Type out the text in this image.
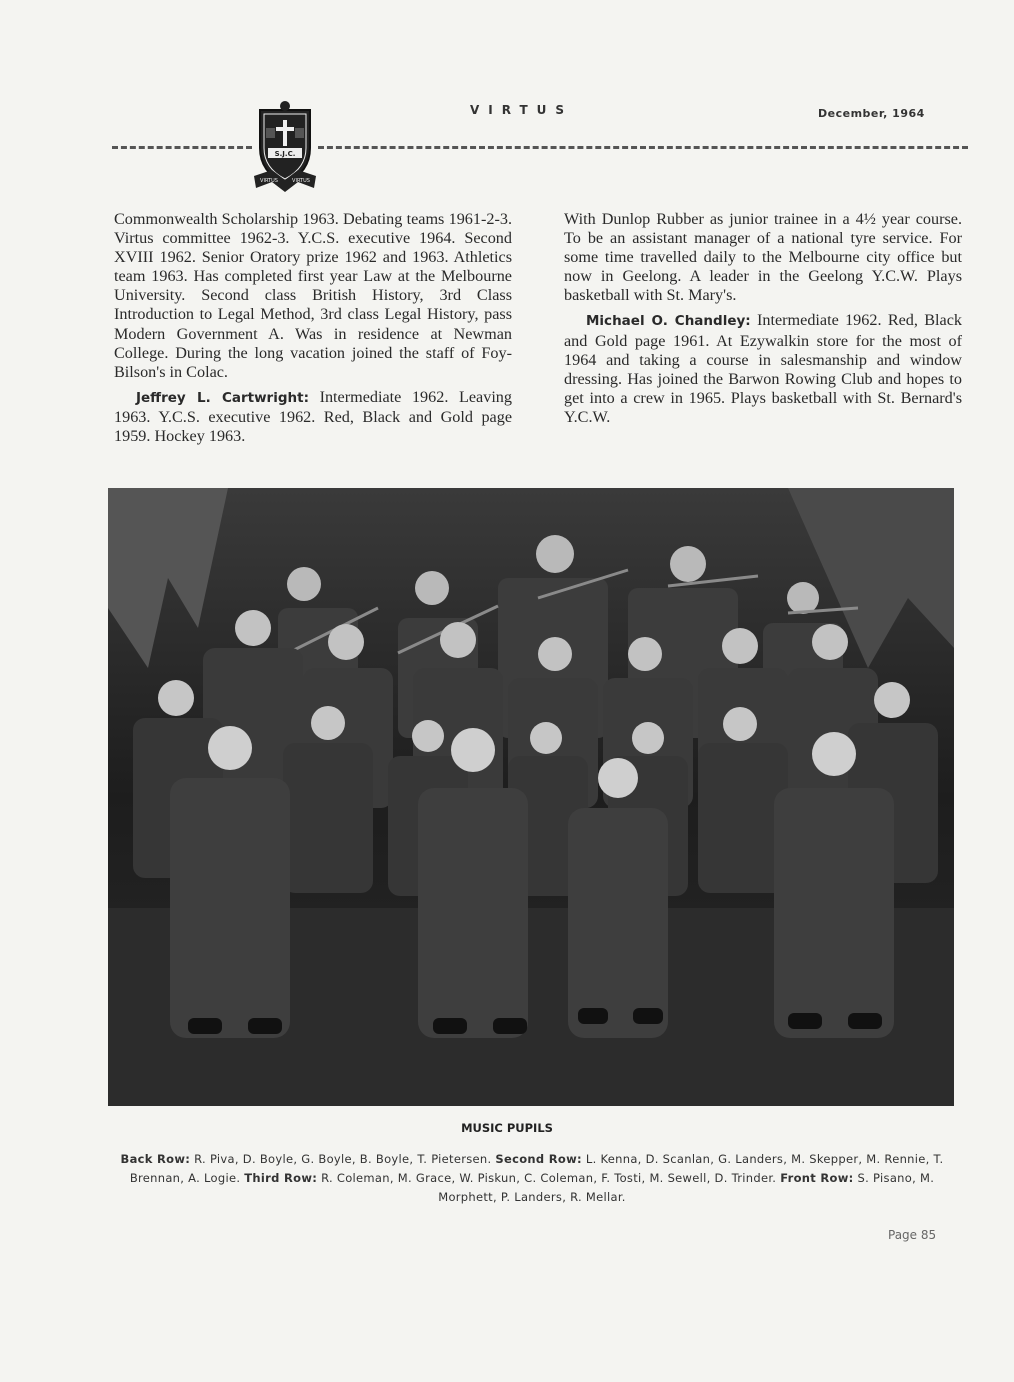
VIRTUS	December, 1964
S.J.C.
VIRTUS	VIRTUS

Commonwealth Scholarship 1963. Debating teams 1961-2-3. Virtus committee 1962-3. Y.C.S. executive 1964. Second XVIII 1962. Senior Oratory prize 1962 and 1963. Athletics team 1963. Has completed first year Law at the Melbourne University. Second class British History, 3rd Class Introduction to Legal Method, 3rd class Legal History, pass Modern Government A. Was in residence at Newman College. During the long vacation joined the staff of Foy-Bilson's in Colac.

Jeffrey L. Cartwright: Intermediate 1962. Leaving 1963. Y.C.S. executive 1962. Red, Black and Gold page 1959. Hockey 1963.

With Dunlop Rubber as junior trainee in a 4½ year course. To be an assistant manager of a national tyre service. For some time travelled daily to the Melbourne city office but now in Geelong. A leader in the Geelong Y.C.W. Plays basketball with St. Mary's.

Michael O. Chandley: Intermediate 1962. Red, Black and Gold page 1961. At Ezywalkin store for the most of 1964 and taking a course in salesmanship and window dressing. Has joined the Barwon Rowing Club and hopes to get into a crew in 1965. Plays basketball with St. Bernard's Y.C.W.

MUSIC PUPILS
Back Row: R. Piva, D. Boyle, G. Boyle, B. Boyle, T. Pietersen. Second Row: L. Kenna, D. Scanlan, G. Landers, M. Skepper, M. Rennie, T. Brennan, A. Logie. Third Row: R. Coleman, M. Grace, W. Piskun, C. Coleman, F. Tosti, M. Sewell, D. Trinder. Front Row: S. Pisano, M. Morphett, P. Landers, R. Mellar.
Page 85
